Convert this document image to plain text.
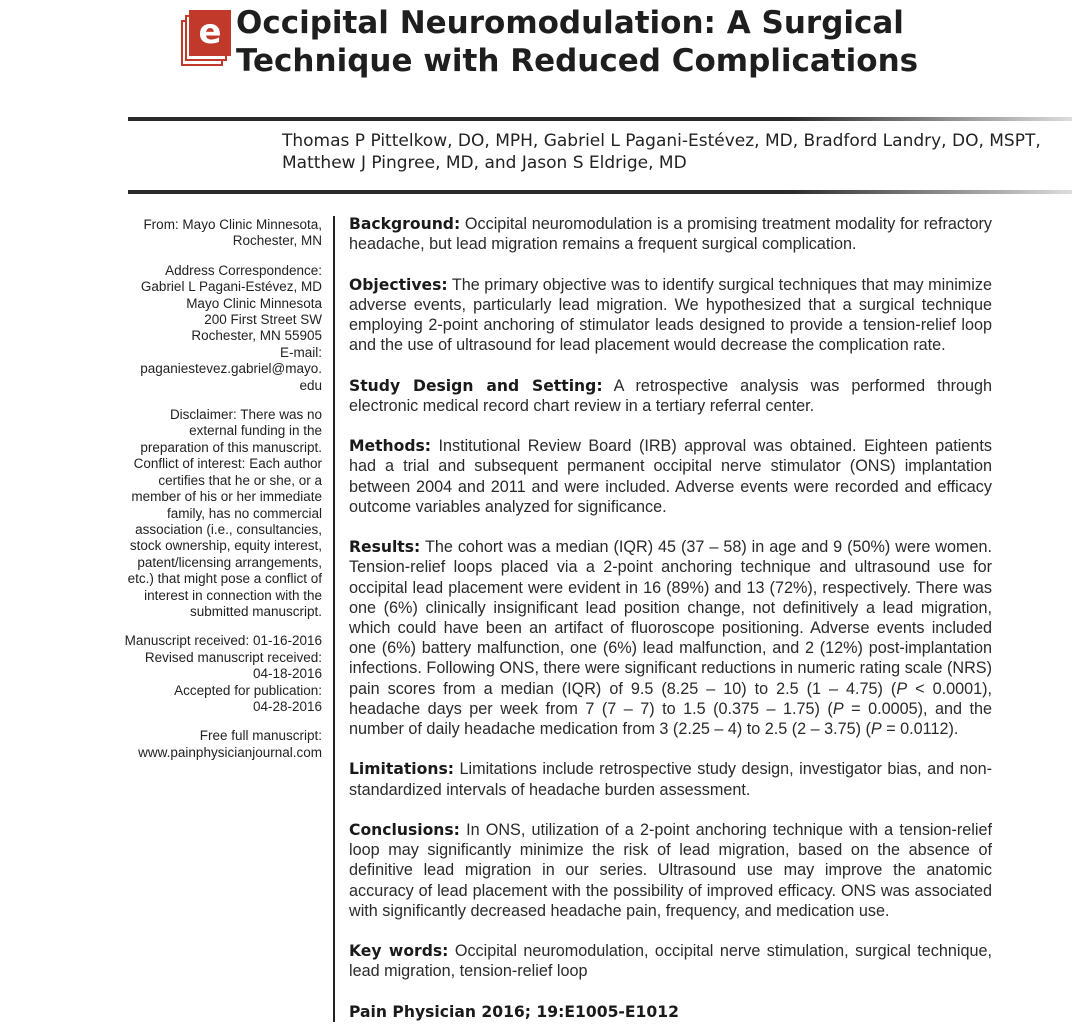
e Occipital Neuromodulation: A Surgical
Technique with Reduced Complications
Thomas P Pittelkow, DO, MPH, Gabriel L Pagani-Estévez, MD, Bradford Landry, DO, MSPT,
Matthew J Pingree, MD, and Jason S Eldrige, MD

From: Mayo Clinic Minnesota,
Rochester, MN

Address Correspondence:
Gabriel L Pagani-Estévez, MD
Mayo Clinic Minnesota
200 First Street SW
Rochester, MN 55905
E-mail:
paganiestevez.gabriel@mayo.
edu

Disclaimer: There was no
external funding in the
preparation of this manuscript.
Conflict of interest: Each author
certifies that he or she, or a
member of his or her immediate
family, has no commercial
association (i.e., consultancies,
stock ownership, equity interest,
patent/licensing arrangements,
etc.) that might pose a conflict of
interest in connection with the
submitted manuscript.

Manuscript received: 01-16-2016
Revised manuscript received:
04-18-2016
Accepted for publication:
04-28-2016

Free full manuscript:
www.painphysicianjournal.com

Background: Occipital neuromodulation is a promising treatment modality for refractory headache, but lead migration remains a frequent surgical complication.

Objectives: The primary objective was to identify surgical techniques that may minimize adverse events, particularly lead migration. We hypothesized that a surgical technique employing 2-point anchoring of stimulator leads designed to provide a tension-relief loop and the use of ultrasound for lead placement would decrease the complication rate.

Study Design and Setting: A retrospective analysis was performed through electronic medical record chart review in a tertiary referral center.

Methods: Institutional Review Board (IRB) approval was obtained. Eighteen patients had a trial and subsequent permanent occipital nerve stimulator (ONS) implantation between 2004 and 2011 and were included. Adverse events were recorded and efficacy outcome variables analyzed for significance.

Results: The cohort was a median (IQR) 45 (37 – 58) in age and 9 (50%) were women. Tension-relief loops placed via a 2-point anchoring technique and ultrasound use for occipital lead placement were evident in 16 (89%) and 13 (72%), respectively. There was one (6%) clinically insignificant lead position change, not definitively a lead migration, which could have been an artifact of fluoroscope positioning. Adverse events included one (6%) battery malfunction, one (6%) lead malfunction, and 2 (12%) post-implantation infections. Following ONS, there were significant reductions in numeric rating scale (NRS) pain scores from a median (IQR) of 9.5 (8.25 – 10) to 2.5 (1 – 4.75) (P < 0.0001), headache days per week from 7 (7 – 7) to 1.5 (0.375 – 1.75) (P = 0.0005), and the number of daily headache medication from 3 (2.25 – 4) to 2.5 (2 – 3.75) (P = 0.0112).

Limitations: Limitations include retrospective study design, investigator bias, and non-standardized intervals of headache burden assessment.

Conclusions: In ONS, utilization of a 2-point anchoring technique with a tension-relief loop may significantly minimize the risk of lead migration, based on the absence of definitive lead migration in our series. Ultrasound use may improve the anatomic accuracy of lead placement with the possibility of improved efficacy. ONS was associated with significantly decreased headache pain, frequency, and medication use.

Key words: Occipital neuromodulation, occipital nerve stimulation, surgical technique, lead migration, tension-relief loop

Pain Physician 2016; 19:E1005-E1012
